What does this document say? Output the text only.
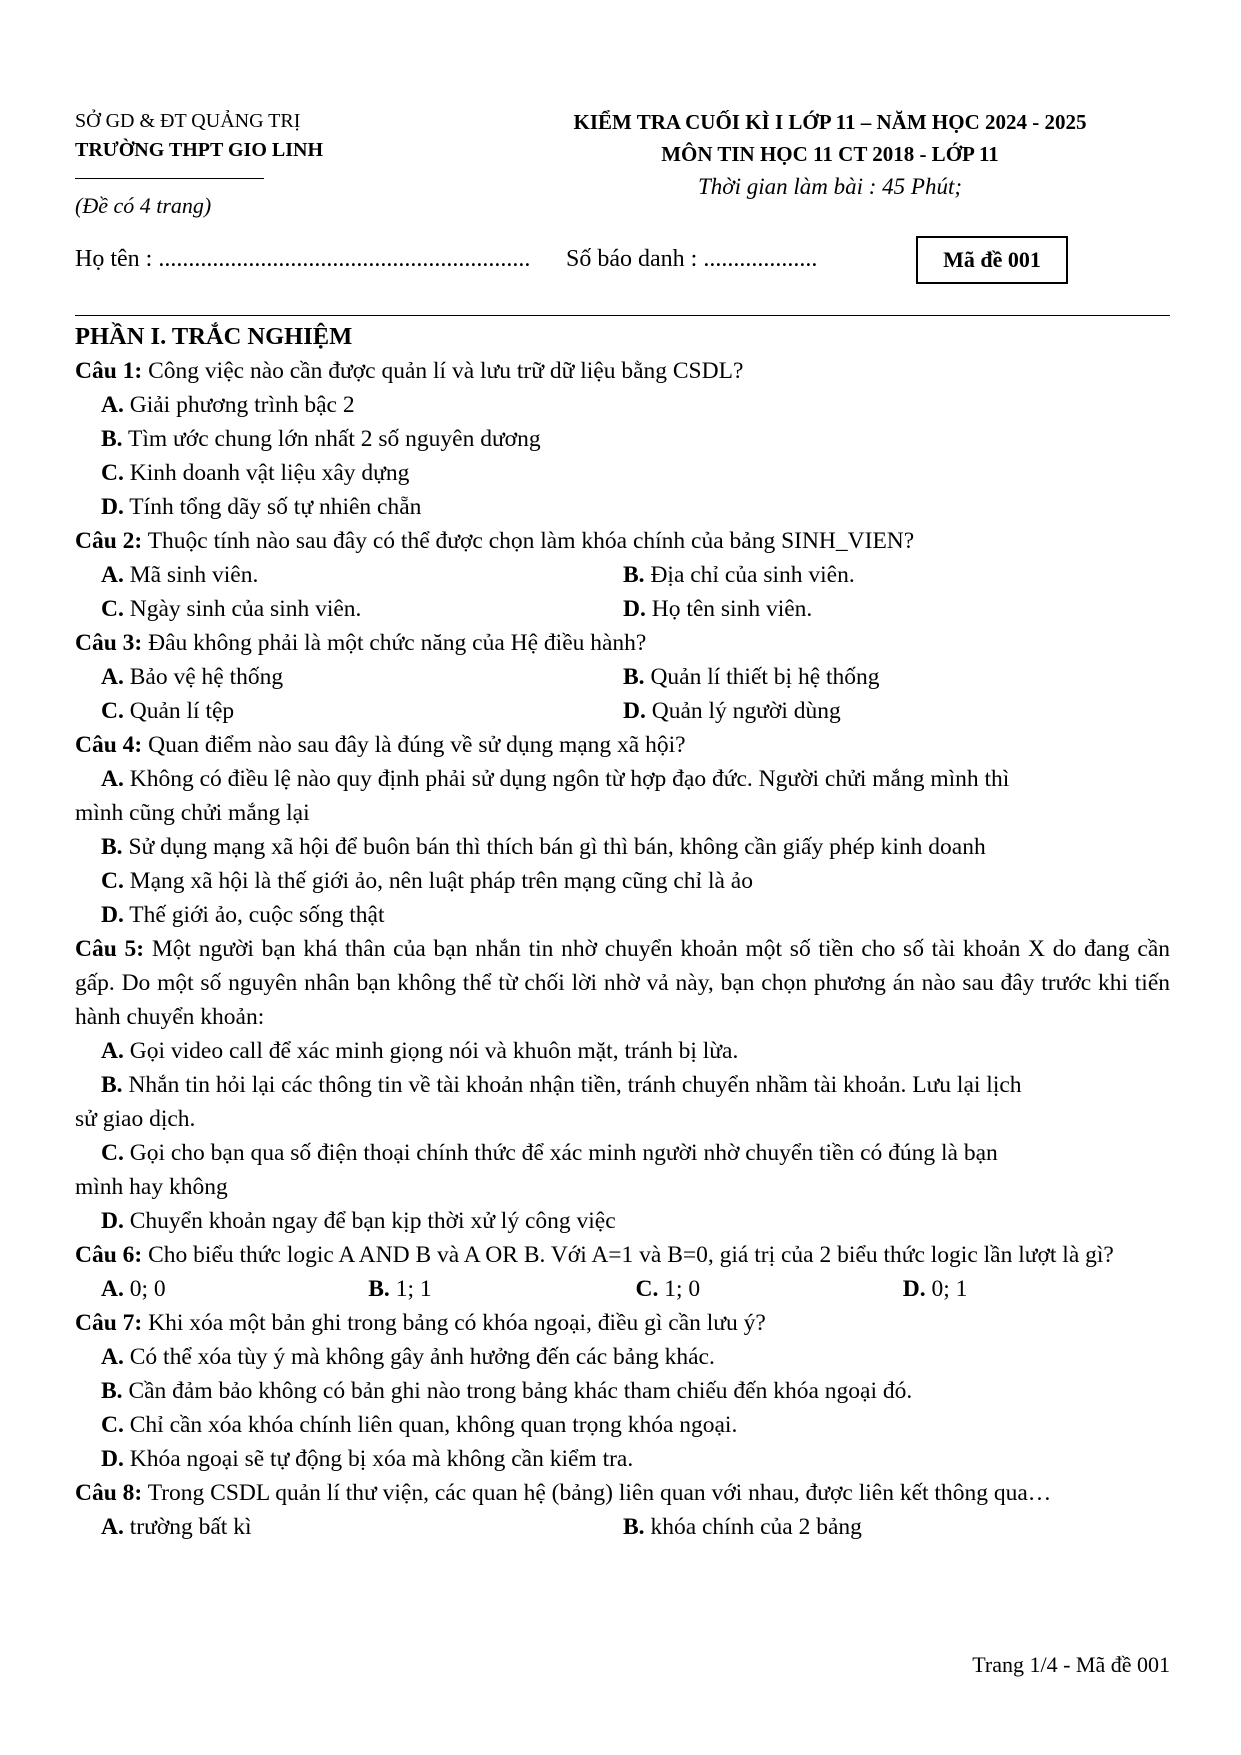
SỞ GD & ĐT QUẢNG TRỊ
TRƯỜNG THPT GIO LINH
(Đề có 4 trang)
KIỂM TRA CUỐI KÌ I LỚP 11 – NĂM HỌC 2024 - 2025
MÔN TIN HỌC 11 CT 2018 - LỚP 11
Thời gian làm bài : 45 Phút;
Họ tên : .............................................................. Số báo danh : ...................	Mã đề 001
PHẦN I. TRẮC NGHIỆM
Câu 1: Công việc nào cần được quản lí và lưu trữ dữ liệu bằng CSDL?
A. Giải phương trình bậc 2
B. Tìm ước chung lớn nhất 2 số nguyên dương
C. Kinh doanh vật liệu xây dựng
D. Tính tổng dãy số tự nhiên chẵn
Câu 2: Thuộc tính nào sau đây có thể được chọn làm khóa chính của bảng SINH_VIEN?
A. Mã sinh viên.	B. Địa chỉ của sinh viên.
C. Ngày sinh của sinh viên.	D. Họ tên sinh viên.
Câu 3: Đâu không phải là một chức năng của Hệ điều hành?
A. Bảo vệ hệ thống	B. Quản lí thiết bị hệ thống
C. Quản lí tệp	D. Quản lý người dùng
Câu 4: Quan điểm nào sau đây là đúng về sử dụng mạng xã hội?
A. Không có điều lệ nào quy định phải sử dụng ngôn từ hợp đạo đức. Người chửi mắng mình thì
mình cũng chửi mắng lại
B. Sử dụng mạng xã hội để buôn bán thì thích bán gì thì bán, không cần giấy phép kinh doanh
C. Mạng xã hội là thế giới ảo, nên luật pháp trên mạng cũng chỉ là ảo
D. Thế giới ảo, cuộc sống thật
Câu 5: Một người bạn khá thân của bạn nhắn tin nhờ chuyển khoản một số tiền cho số tài khoản X do đang cần gấp. Do một số nguyên nhân bạn không thể từ chối lời nhờ vả này, bạn chọn phương án nào sau đây trước khi tiến hành chuyển khoản:
A. Gọi video call để xác minh giọng nói và khuôn mặt, tránh bị lừa.
B. Nhắn tin hỏi lại các thông tin về tài khoản nhận tiền, tránh chuyển nhầm tài khoản. Lưu lại lịch
sử giao dịch.
C. Gọi cho bạn qua số điện thoại chính thức để xác minh người nhờ chuyển tiền có đúng là bạn
mình hay không
D. Chuyển khoản ngay để bạn kịp thời xử lý công việc
Câu 6: Cho biểu thức logic A AND B và A OR B. Với A=1 và B=0, giá trị của 2 biểu thức logic lần lượt là gì?
A. 0; 0	B. 1; 1	C. 1; 0	D. 0; 1
Câu 7: Khi xóa một bản ghi trong bảng có khóa ngoại, điều gì cần lưu ý?
A. Có thể xóa tùy ý mà không gây ảnh hưởng đến các bảng khác.
B. Cần đảm bảo không có bản ghi nào trong bảng khác tham chiếu đến khóa ngoại đó.
C. Chỉ cần xóa khóa chính liên quan, không quan trọng khóa ngoại.
D. Khóa ngoại sẽ tự động bị xóa mà không cần kiểm tra.
Câu 8: Trong CSDL quản lí thư viện, các quan hệ (bảng) liên quan với nhau, được liên kết thông qua…
A. trường bất kì	B. khóa chính của 2 bảng
Trang 1/4 - Mã đề 001
